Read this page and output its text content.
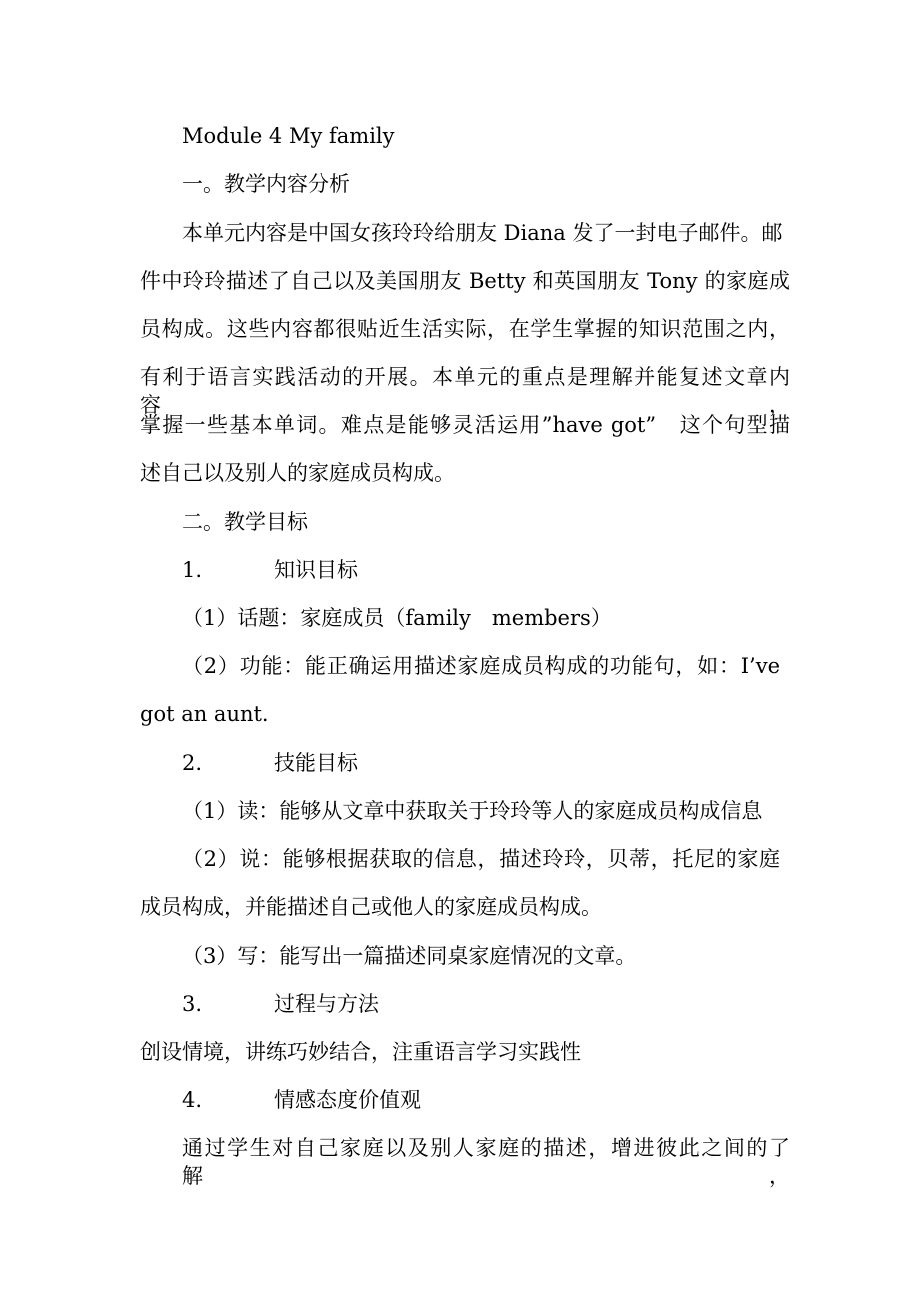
Module 4 My family
一。教学内容分析
本单元内容是中国女孩玲玲给朋友 Diana 发了一封电子邮件。邮
件中玲玲描述了自己以及美国朋友 Betty 和英国朋友 Tony 的家庭成
员构成。这些内容都很贴近生活实际，在学生掌握的知识范围之内，
有利于语言实践活动的开展。本单元的重点是理解并能复述文章内容，
掌握一些基本单词。难点是能够灵活运用”have got”　这个句型描
述自己以及别人的家庭成员构成。
二。教学目标
1.	知识目标
（1）话题：家庭成员（family　members）
（2）功能：能正确运用描述家庭成员构成的功能句，如：I’ve
got an aunt.
2.	技能目标
（1）读：能够从文章中获取关于玲玲等人的家庭成员构成信息
（2）说：能够根据获取的信息，描述玲玲，贝蒂，托尼的家庭
成员构成，并能描述自己或他人的家庭成员构成。
（3）写：能写出一篇描述同桌家庭情况的文章。
3.	过程与方法
创设情境，讲练巧妙结合，注重语言学习实践性
4.	情感态度价值观
通过学生对自己家庭以及别人家庭的描述，增进彼此之间的了解，
